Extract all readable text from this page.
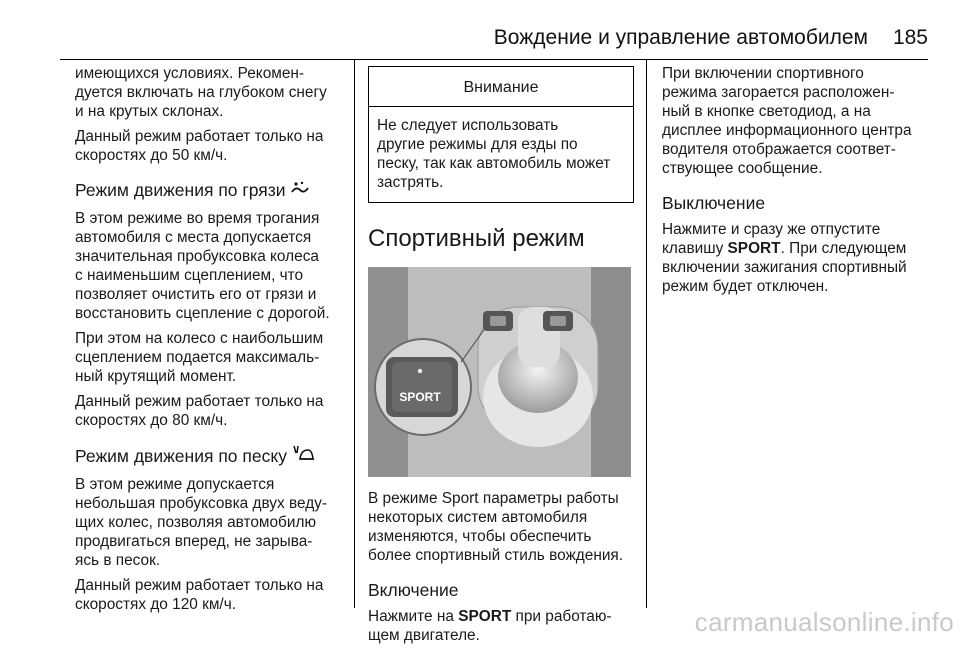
Вождение и управление автомобилем	185

имеющихся условиях. Рекомен-
дуется включать на глубоком снегу
и на крутых склонах.

Данный режим работает только на
скоростях до 50 км/ч.

Режим движения по грязи

В этом режиме во время трогания
автомобиля с места допускается
значительная пробуксовка колеса
с наименьшим сцеплением, что
позволяет очистить его от грязи и
восстановить сцепление с дорогой.

При этом на колесо с наибольшим
сцеплением подается максималь-
ный крутящий момент.

Данный режим работает только на
скоростях до 80 км/ч.

Режим движения по песку

В этом режиме допускается
небольшая пробуксовка двух веду-
щих колес, позволяя автомобилю
продвигаться вперед, не зарыва-
ясь в песок.

Данный режим работает только на
скоростях до 120 км/ч.

Внимание
Не следует использовать
другие режимы для езды по
песку, так как автомобиль может
застрять.
Спортивный режим
SPORT

В режиме Sport параметры работы
некоторых систем автомобиля
изменяются, чтобы обеспечить
более спортивный стиль вождения.

Включение

Нажмите на SPORT при работаю-
щем двигателе.

При включении спортивного
режима загорается расположен-
ный в кнопке светодиод, а на
дисплее информационного центра
водителя отображается соответ-
ствующее сообщение.

Выключение

Нажмите и сразу же отпустите
клавишу SPORT. При следующем
включении зажигания спортивный
режим будет отключен.

carmanualsonline.info
